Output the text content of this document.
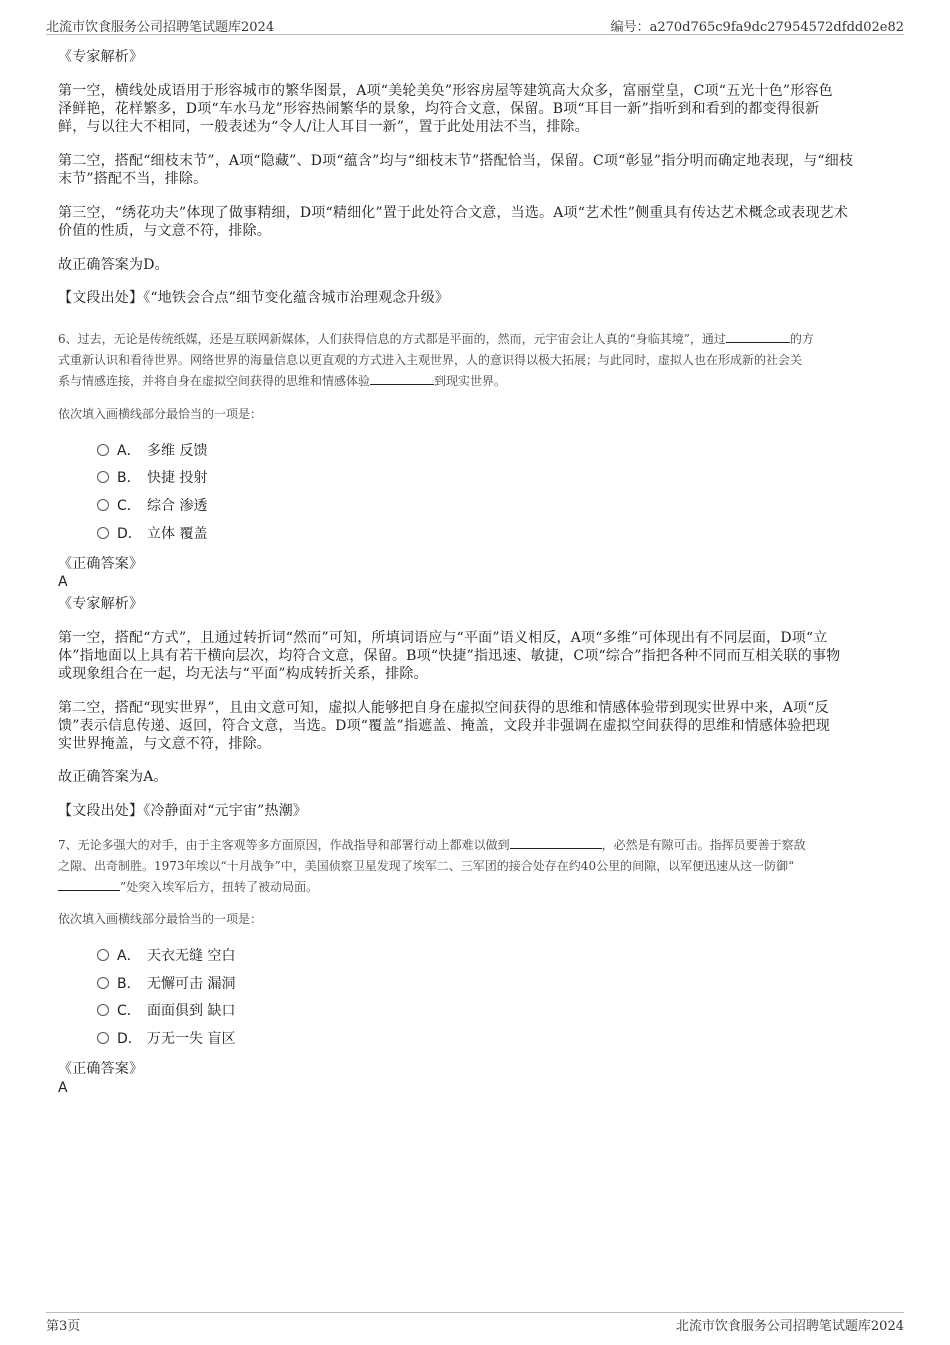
北流市饮食服务公司招聘笔试题库2024	编号：a270d765c9fa9dc27954572dfdd02e82
《专家解析》
第一空，横线处成语用于形容城市的繁华图景，A项“美轮美奂”形容房屋等建筑高大众多，富丽堂皇，C项“五光十色”形容色
泽鲜艳，花样繁多，D项“车水马龙”形容热闹繁华的景象，均符合文意，保留。B项“耳目一新”指听到和看到的都变得很新
鲜，与以往大不相同，一般表述为“令人/让人耳目一新”，置于此处用法不当，排除。
第二空，搭配“细枝末节”，A项“隐藏”、D项“蕴含”均与“细枝末节”搭配恰当，保留。C项“彰显”指分明而确定地表现，与“细枝
末节”搭配不当，排除。
第三空，“绣花功夫”体现了做事精细，D项“精细化”置于此处符合文意，当选。A项“艺术性”侧重具有传达艺术概念或表现艺术
价值的性质，与文意不符，排除。
故正确答案为D。
【文段出处】《“地铁会合点”细节变化蕴含城市治理观念升级》
6、过去，无论是传统纸媒，还是互联网新媒体，人们获得信息的方式都是平面的，然而，元宇宙会让人真的“身临其境”，通过	的方
式重新认识和看待世界。网络世界的海量信息以更直观的方式进入主观世界，人的意识得以极大拓展；与此同时，虚拟人也在形成新的社会关
系与情感连接，并将自身在虚拟空间获得的思维和情感体验	到现实世界。
依次填入画横线部分最恰当的一项是：
A． 多维 反馈
B． 快捷 投射
C． 综合 渗透
D． 立体 覆盖
《正确答案》
A
《专家解析》
第一空，搭配“方式”，且通过转折词“然而”可知，所填词语应与“平面”语义相反，A项“多维”可体现出有不同层面，D项“立
体”指地面以上具有若干横向层次，均符合文意，保留。B项“快捷”指迅速、敏捷，C项“综合”指把各种不同而互相关联的事物
或现象组合在一起，均无法与“平面”构成转折关系，排除。
第二空，搭配“现实世界”，且由文意可知，虚拟人能够把自身在虚拟空间获得的思维和情感体验带到现实世界中来，A项“反
馈”表示信息传递、返回，符合文意，当选。D项“覆盖”指遮盖、掩盖，文段并非强调在虚拟空间获得的思维和情感体验把现
实世界掩盖，与文意不符，排除。
故正确答案为A。
【文段出处】《冷静面对“元宇宙”热潮》
7、无论多强大的对手，由于主客观等多方面原因，作战指导和部署行动上都难以做到	，必然是有隙可击。指挥员要善于察敌
之隙、出奇制胜。1973年埃以“十月战争”中，美国侦察卫星发现了埃军二、三军团的接合处存在约40公里的间隙，以军便迅速从这一防御“
”处突入埃军后方，扭转了被动局面。
依次填入画横线部分最恰当的一项是：
A． 天衣无缝 空白
B． 无懈可击 漏洞
C． 面面俱到 缺口
D． 万无一失 盲区
《正确答案》
A
第3页	北流市饮食服务公司招聘笔试题库2024
